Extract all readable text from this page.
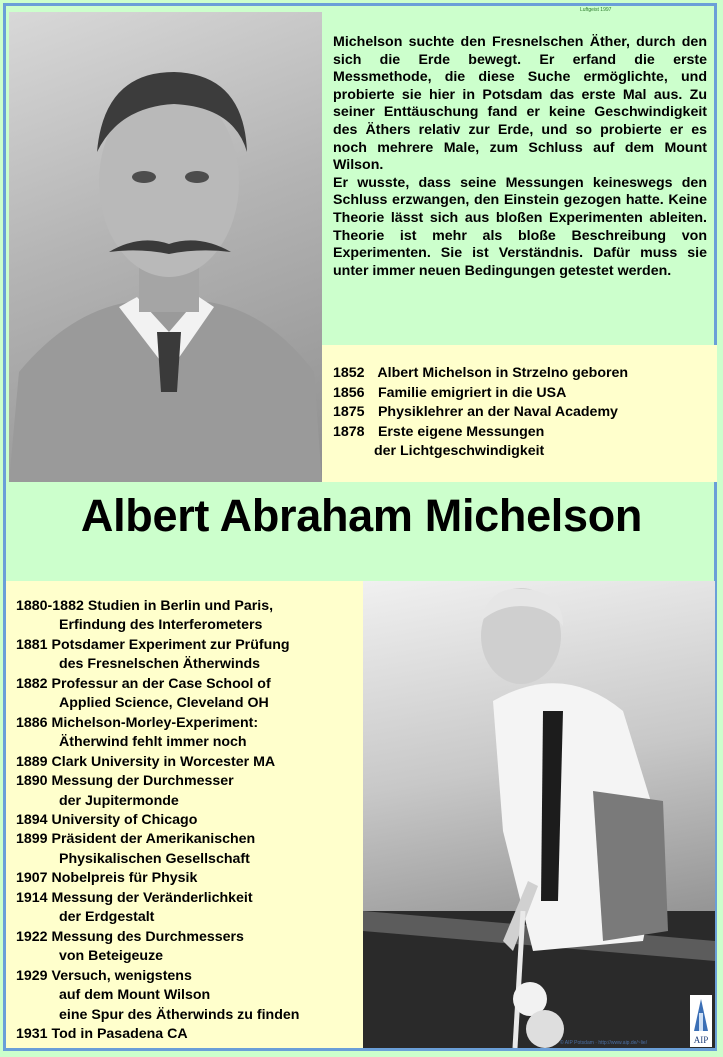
Luftgeist 1997

Michelson suchte den Fresnelschen Äther, durch den sich die Erde bewegt. Er erfand die erste Messmethode, die diese Suche ermöglichte, und probierte sie hier in Potsdam das erste Mal aus. Zu seiner Enttäuschung fand er keine Geschwindigkeit des Äthers relativ zur Erde, und so probierte er es noch mehrere Male, zum Schluss auf dem Mount Wilson.

Er wusste, dass seine Messungen keineswegs den Schluss erzwangen, den Einstein gezogen hatte. Keine Theorie lässt sich aus bloßen Experimenten ableiten. Theorie ist mehr als bloße Beschreibung von Experimenten. Sie ist Verständnis. Dafür muss sie unter immer neuen Bedingungen getestet werden.

1852 Albert Michelson in Strzelno geboren
1856 Familie emigriert in die USA
1875 Physiklehrer an der Naval Academy
1878 Erste eigene Messungen
der Lichtgeschwindigkeit
Albert Abraham Michelson
1880-1882 Studien in Berlin und Paris,
Erfindung des Interferometers
1881 Potsdamer Experiment zur Prüfung
des Fresnelschen Ätherwinds
1882 Professur an der Case School of
Applied Science, Cleveland OH
1886 Michelson-Morley-Experiment:
Ätherwind fehlt immer noch
1889 Clark University in Worcester MA
1890 Messung der Durchmesser
der Jupitermonde
1894 University of Chicago
1899 Präsident der Amerikanischen
Physikalischen Gesellschaft
1907 Nobelpreis für Physik
1914 Messung der Veränderlichkeit
der Erdgestalt
1922 Messung des Durchmessers
von Beteigeuze
1929 Versuch, wenigstens
auf dem Mount Wilson
eine Spur des Ätherwinds zu finden
1931 Tod in Pasadena CA	AIP
© AIP Potsdam · http://www.aip.de/~lie/
